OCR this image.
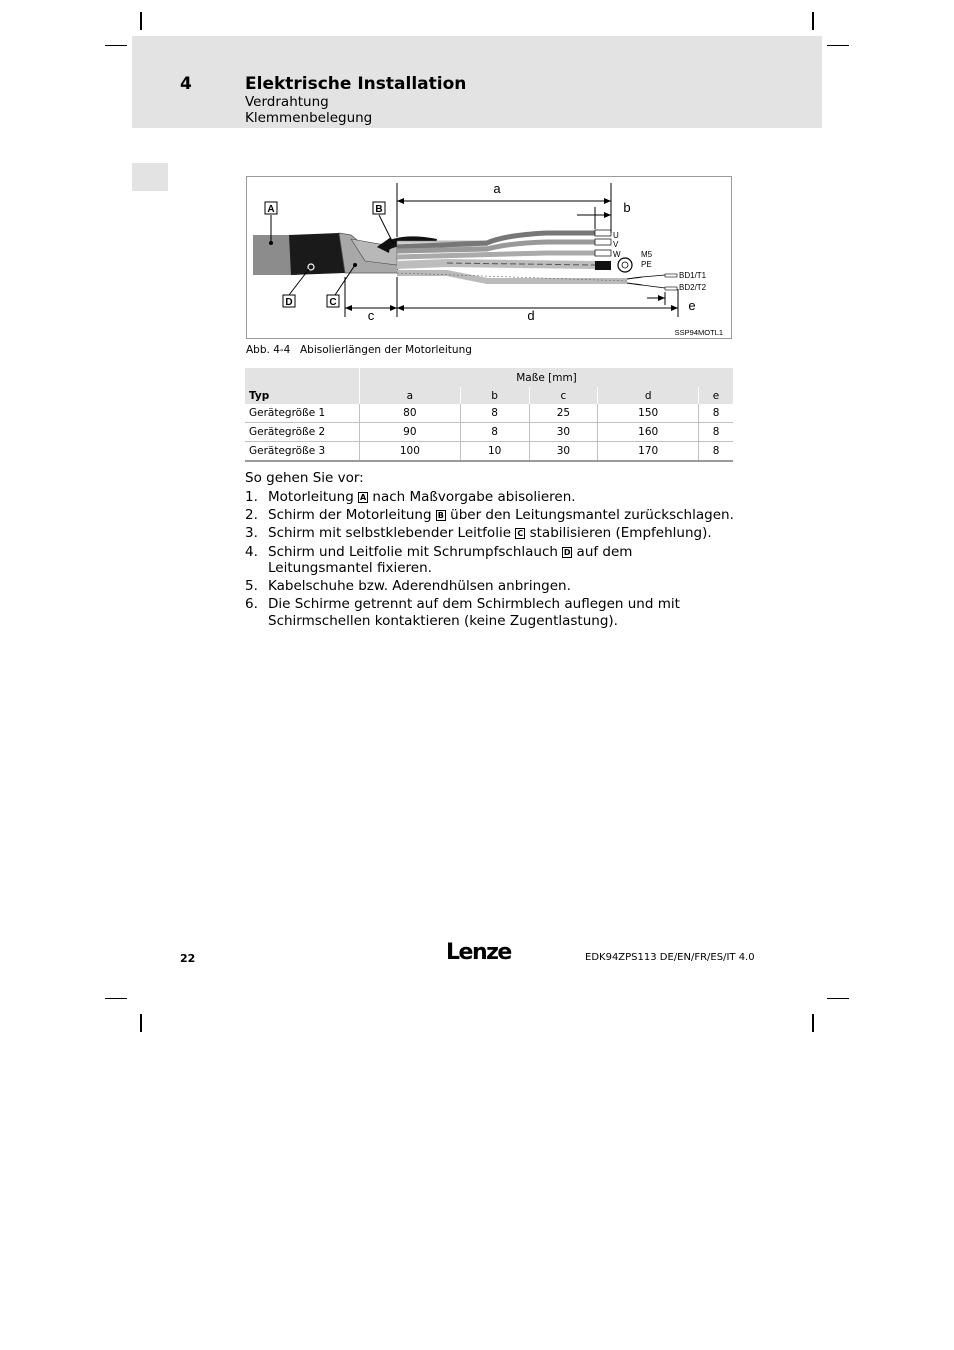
4	Elektrische Installation
Verdrahtung
Klemmenbelegung
A	B
D	C
a
b
c	d
e
U
V
W	M5
PE
BD1/T1
BD2/T2
SSP94MOTL1
Abb. 4-4 Abisolierlängen der Motorleitung
	Maße [mm]				
Typ	a	b	c	d	e
Gerätegröße 1	80	8	25	150	8
Gerätegröße 2	90	8	30	160	8
Gerätegröße 3	100	10	30	170	8
So gehen Sie vor:
1. Motorleitung A nach Maßvorgabe abisolieren.
2. Schirm der Motorleitung B über den Leitungsmantel zurückschlagen.
3. Schirm mit selbstklebender Leitfolie C stabilisieren (Empfehlung).
4. Schirm und Leitfolie mit Schrumpfschlauch D auf dem Leitungsmantel fixieren.
5. Kabelschuhe bzw. Aderendhülsen anbringen.
6. Die Schirme getrennt auf dem Schirmblech auflegen und mit Schirmschellen kontaktieren (keine Zugentlastung).
22	Lenze	EDK94ZPS113 DE/EN/FR/ES/IT 4.0
